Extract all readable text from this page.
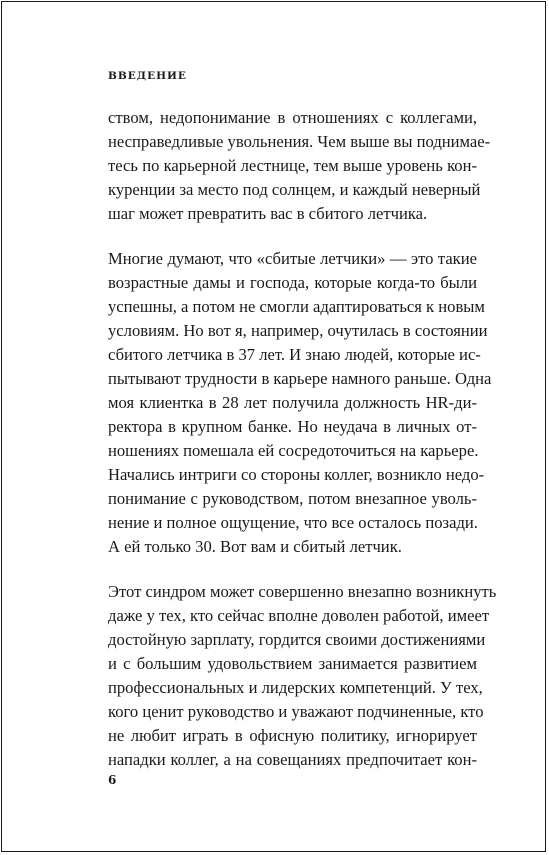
ВВЕДЕНИЕ
ством, недопонимание в отношениях с коллегами,
несправедливые увольнения. Чем выше вы поднимае-
тесь по карьерной лестнице, тем выше уровень кон-
куренции за место под солнцем, и каждый неверный
шаг может превратить вас в сбитого летчика.
Многие думают, что «сбитые летчики» — это такие
возрастные дамы и господа, которые когда-то были
успешны, а потом не смогли адаптироваться к новым
условиям. Но вот я, например, очутилась в состоянии
сбитого летчика в 37 лет. И знаю людей, которые ис-
пытывают трудности в карьере намного раньше. Одна
моя клиентка в 28 лет получила должность HR-ди-
ректора в крупном банке. Но неудача в личных от-
ношениях помешала ей сосредоточиться на карьере.
Начались интриги со стороны коллег, возникло недо-
понимание с руководством, потом внезапное уволь-
нение и полное ощущение, что все осталось позади.
А ей только 30. Вот вам и сбитый летчик.
Этот синдром может совершенно внезапно возникнуть
даже у тех, кто сейчас вполне доволен работой, имеет
достойную зарплату, гордится своими достижениями
и с большим удовольствием занимается развитием
профессиональных и лидерских компетенций. У тех,
кого ценит руководство и уважают подчиненные, кто
не любит играть в офисную политику, игнорирует
нападки коллег, а на совещаниях предпочитает кон-
6
